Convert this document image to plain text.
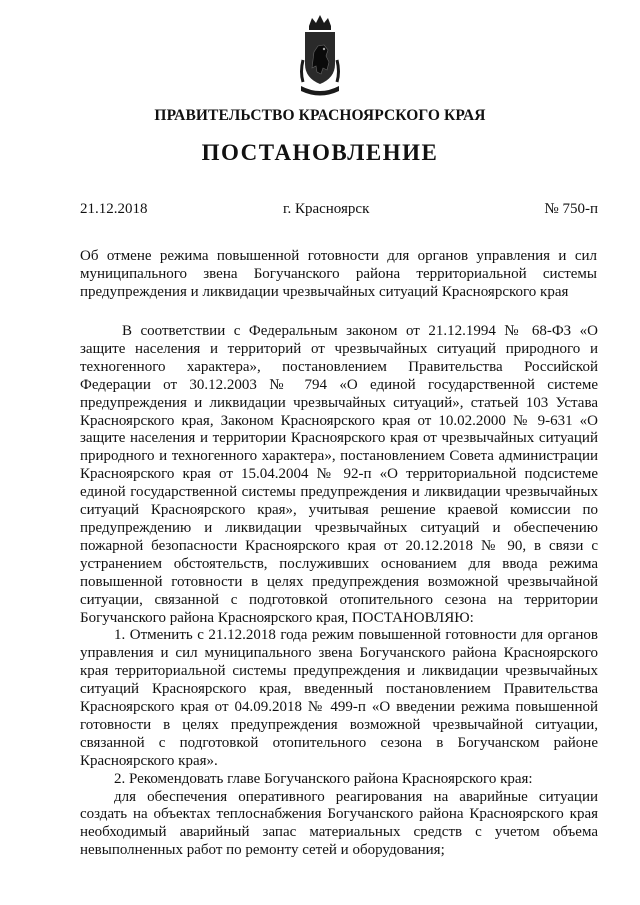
ПРАВИТЕЛЬСТВО КРАСНОЯРСКОГО КРАЯ
ПОСТАНОВЛЕНИЕ
21.12.2018	г. Красноярск	№ 750-п

Об отмене режима повышенной готовности для органов управления и сил муниципального звена Богучанского района территориальной системы предупреждения и ликвидации чрезвычайных ситуаций Красноярского края

В соответствии с Федеральным законом от 21.12.1994 № 68-ФЗ «О защите населения и территорий от чрезвычайных ситуаций природного и техногенного характера», постановлением Правительства Российской Федерации от 30.12.2003 № 794 «О единой государственной системе предупреждения и ликвидации чрезвычайных ситуаций», статьей 103 Устава Красноярского края, Законом Красноярского края от 10.02.2000 № 9-631 «О защите населения и территории Красноярского края от чрезвычайных ситуаций природного и техногенного характера», постановлением Совета администрации Красноярского края от 15.04.2004 № 92-п «О территориальной подсистеме единой государственной системы предупреждения и ликвидации чрезвычайных ситуаций Красноярского края», учитывая решение краевой комиссии по предупреждению и ликвидации чрезвычайных ситуаций и обеспечению пожарной безопасности Красноярского края от 20.12.2018 № 90, в связи с устранением обстоятельств, послуживших основанием для ввода режима повышенной готовности в целях предупреждения возможной чрезвычайной ситуации, связанной с подготовкой отопительного сезона на территории Богучанского района Красноярского края, ПОСТАНОВЛЯЮ:

1. Отменить с 21.12.2018 года режим повышенной готовности для органов управления и сил муниципального звена Богучанского района Красноярского края территориальной системы предупреждения и ликвидации чрезвычайных ситуаций Красноярского края, введенный постановлением Правительства Красноярского края от 04.09.2018 № 499-п «О введении режима повышенной готовности в целях предупреждения возможной чрезвычайной ситуации, связанной с подготовкой отопительного сезона в Богучанском районе Красноярского края».

2. Рекомендовать главе Богучанского района Красноярского края:

для обеспечения оперативного реагирования на аварийные ситуации создать на объектах теплоснабжения Богучанского района Красноярского края необходимый аварийный запас материальных средств с учетом объема невыполненных работ по ремонту сетей и оборудования;
